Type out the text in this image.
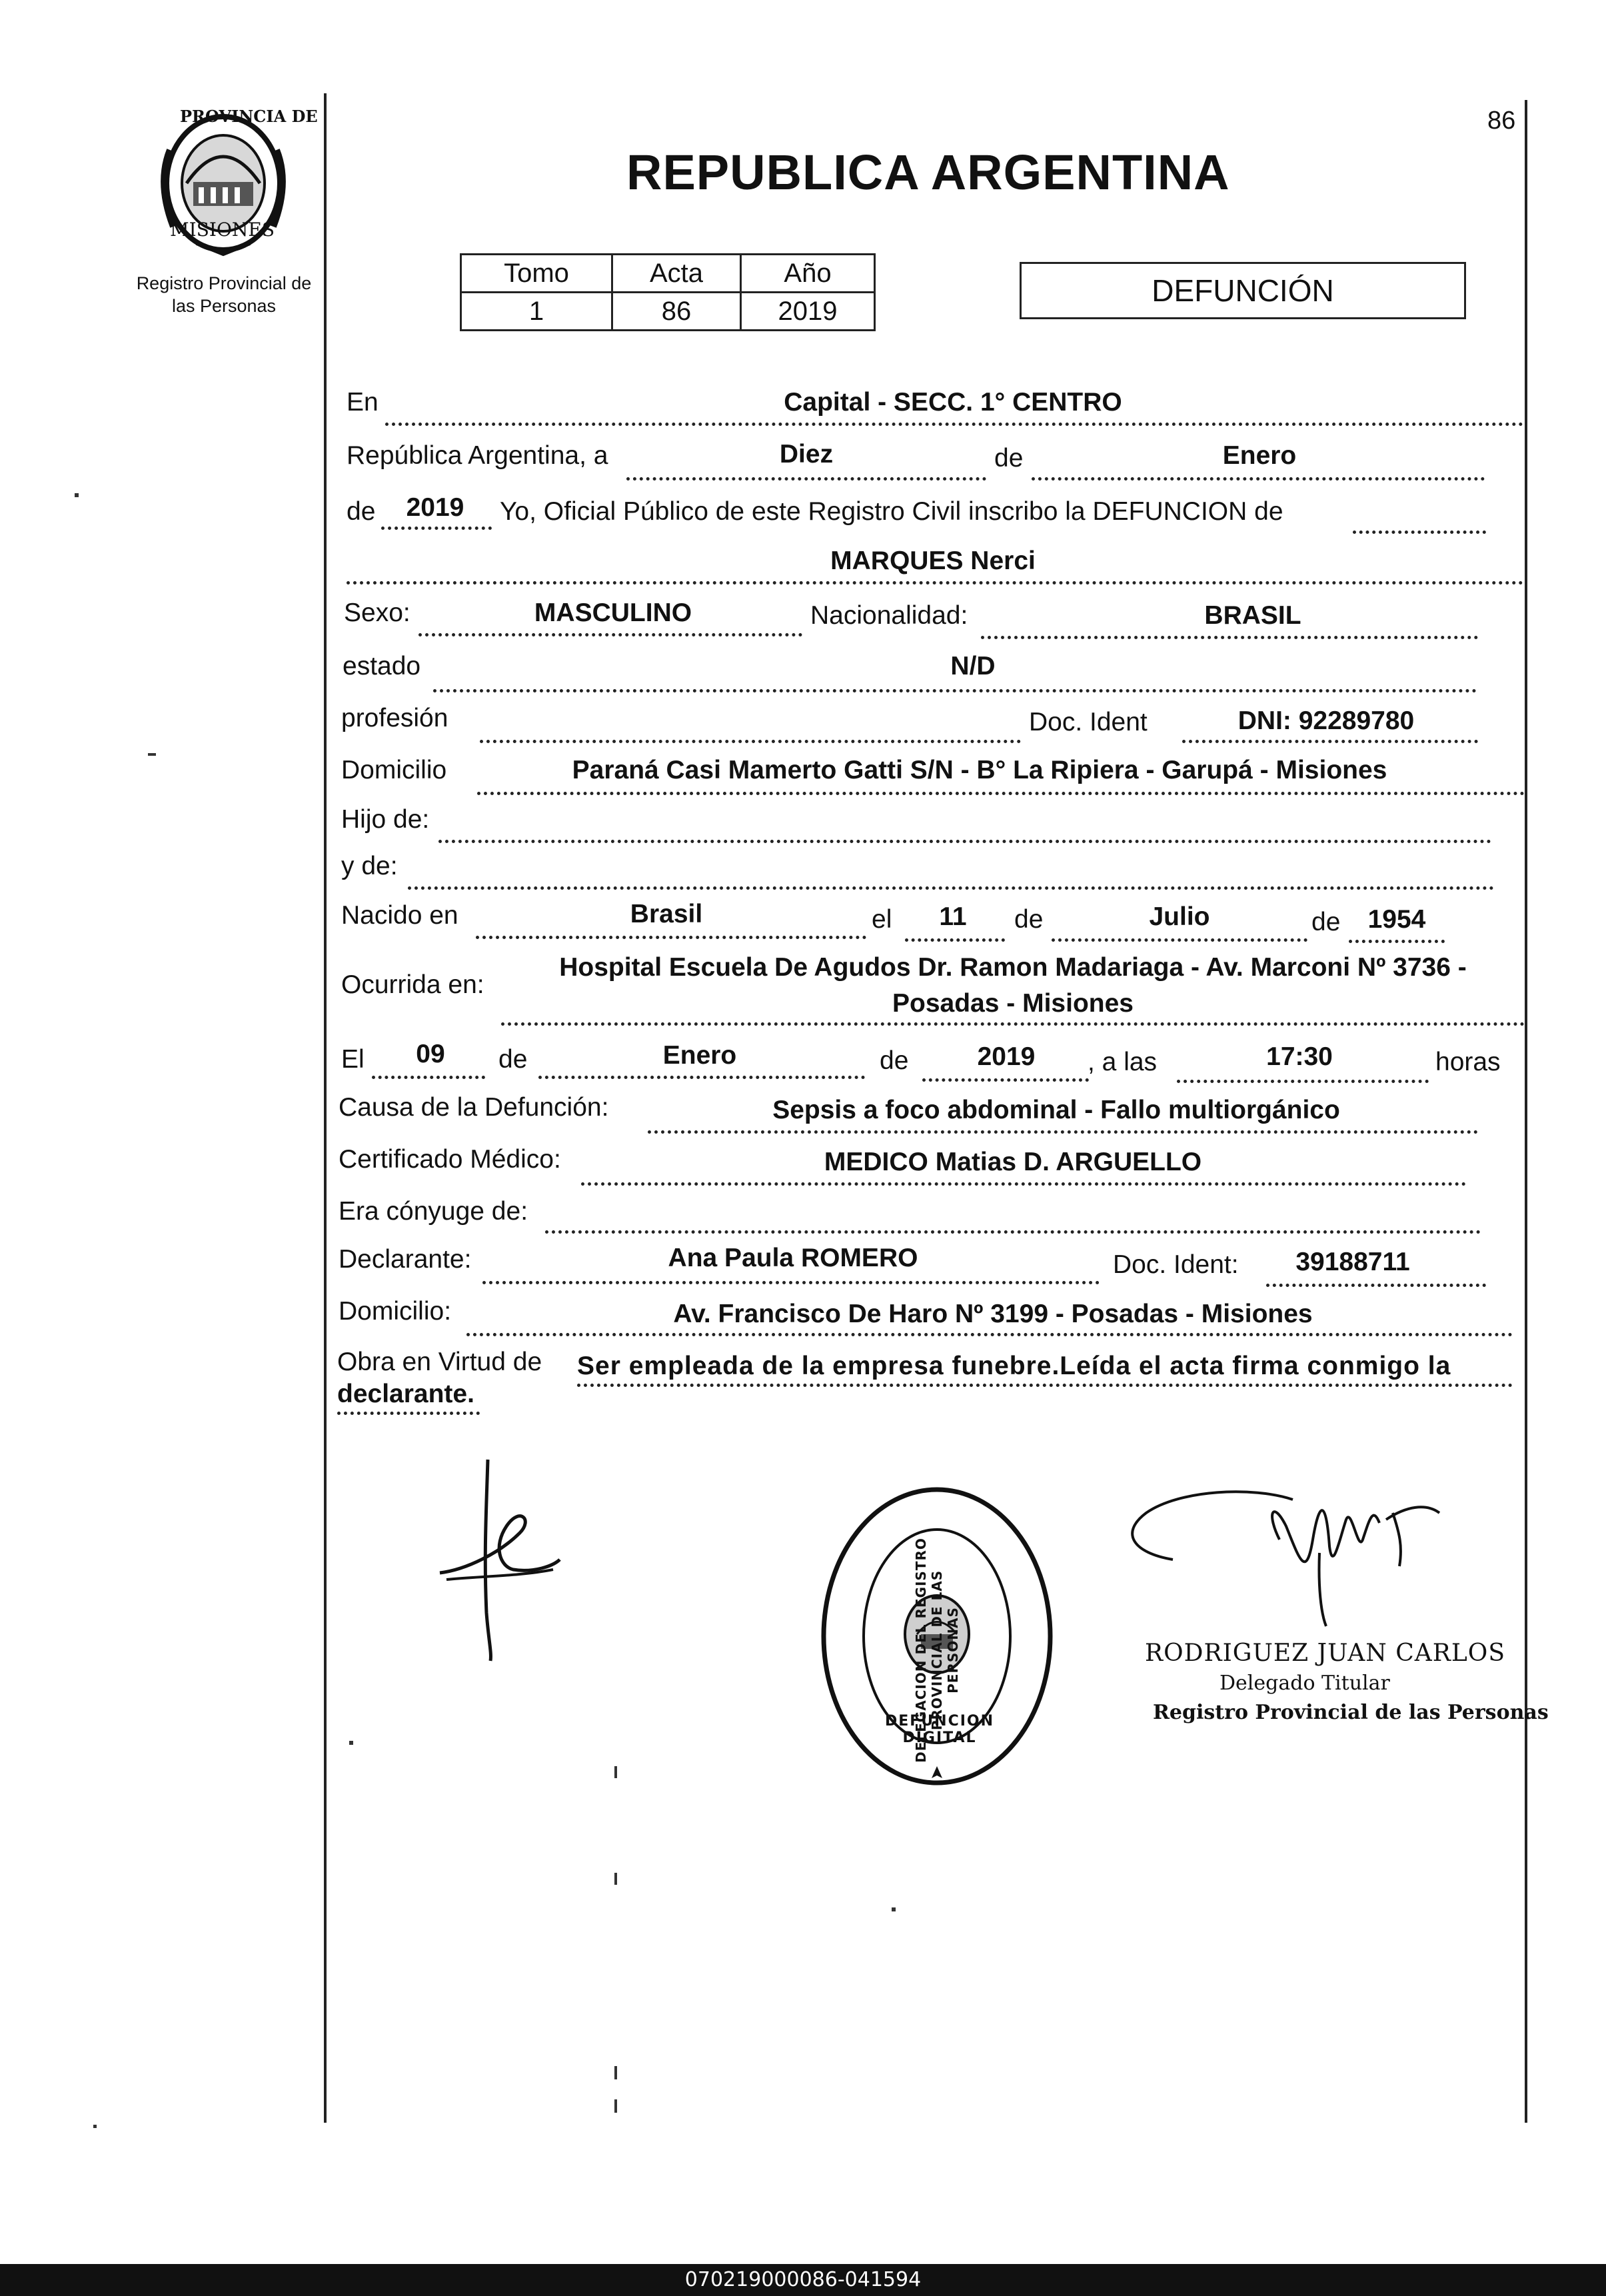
86
PROVINCIA DE
MISIONES
Registro Provincial de
las Personas
REPUBLICA ARGENTINA
Tomo	Acta	Año
1	86	2019
DEFUNCIÓN
En	Capital - SECC. 1° CENTRO
República Argentina, a	Diez	de	Enero
de	2019	Yo, Oficial Público de este Registro Civil inscribo la DEFUNCION de
MARQUES Nerci
Sexo:	MASCULINO	Nacionalidad:	BRASIL
estado	N/D
profesión	Doc. Ident	DNI: 92289780
Domicilio	Paraná Casi Mamerto Gatti S/N - B° La Ripiera - Garupá - Misiones
Hijo de:
y de:
Nacido en	Brasil	el	11	de	Julio	de	1954
Ocurrida en:
Hospital Escuela De Agudos Dr. Ramon Madariaga - Av. Marconi Nº 3736 -
Posadas - Misiones
El	09	de	Enero	de	2019	, a las	17:30	horas
Causa de la Defunción:	Sepsis a foco abdominal - Fallo multiorgánico
Certificado Médico:	MEDICO Matias D. ARGUELLO
Era cónyuge de:
Declarante:	Ana Paula ROMERO	Doc. Ident:	39188711
Domicilio:	Av. Francisco De Haro Nº 3199 - Posadas - Misiones
Obra en Virtud de Ser empleada de la empresa funebre.Leída el acta firma conmigo la
declarante.
DELEGACION DEL REGISTRO PROVINCIAL DE LAS PERSONAS
DEFUNCION DIGITAL
RODRIGUEZ JUAN CARLOS
Delegado Titular
Registro Provincial de las Personas
070219000086-041594
